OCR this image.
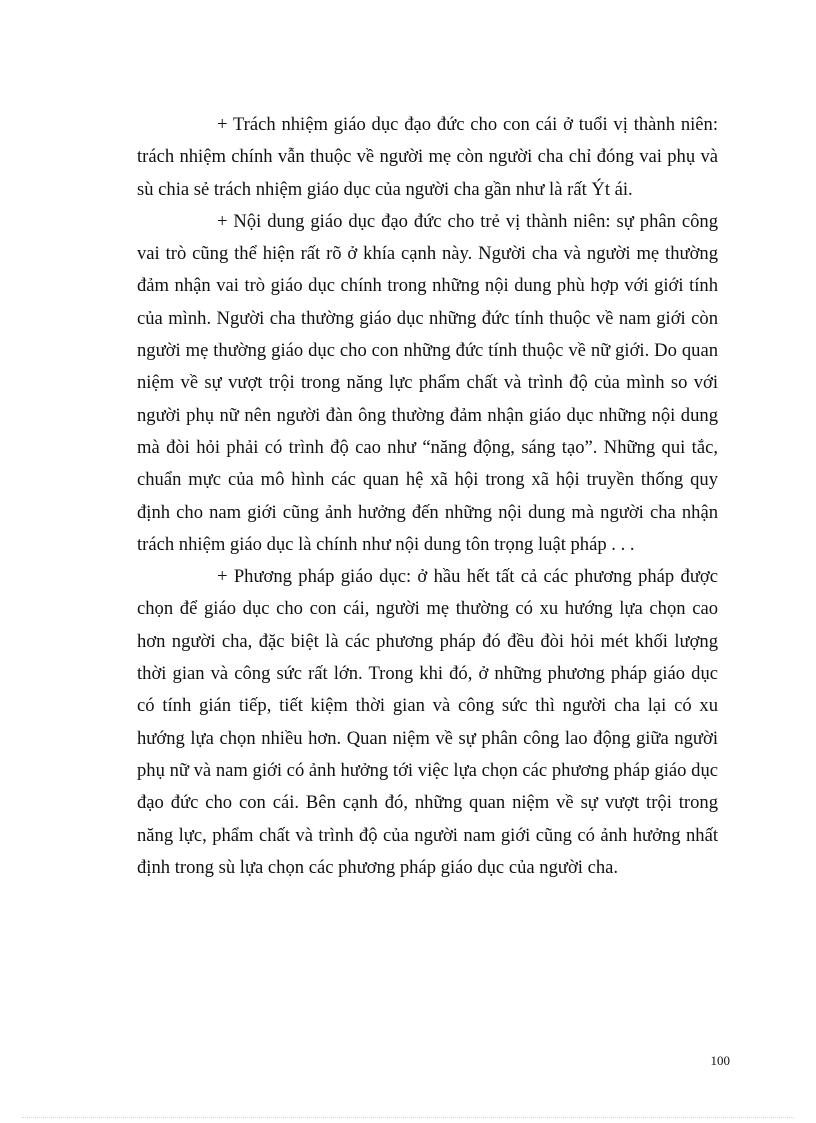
+ Trách nhiệm giáo dục đạo đức cho con cái ở tuổi vị thành niên: trách nhiệm chính vẫn thuộc về người mẹ còn người cha chỉ đóng vai phụ và sù chia sẻ trách nhiệm giáo dục của người cha gần như là rất Ýt ái.

+ Nội dung giáo dục đạo đức cho trẻ vị thành niên: sự phân công vai trò cũng thể hiện rất rõ ở khía cạnh này. Người cha và người mẹ thường đảm nhận vai trò giáo dục chính trong những nội dung phù hợp với giới tính của mình. Người cha thường giáo dục những đức tính thuộc về nam giới còn người mẹ thường giáo dục cho con những đức tính thuộc về nữ giới. Do quan niệm về sự vượt trội trong năng lực phẩm chất và trình độ của mình so với người phụ nữ nên người đàn ông thường đảm nhận giáo dục những nội dung mà đòi hỏi phải có trình độ cao như “năng động, sáng tạo”. Những qui tắc, chuẩn mực của mô hình các quan hệ xã hội trong xã hội truyền thống quy định cho nam giới cũng ảnh hưởng đến những nội dung mà người cha nhận trách nhiệm giáo dục là chính như nội dung tôn trọng luật pháp . . .

+ Phương pháp giáo dục: ở hầu hết tất cả các phương pháp được chọn để giáo dục cho con cái, người mẹ thường có xu hướng lựa chọn cao hơn người cha, đặc biệt là các phương pháp đó đều đòi hỏi mét khối lượng thời gian và công sức rất lớn. Trong khi đó, ở những phương pháp giáo dục có tính gián tiếp, tiết kiệm thời gian và công sức thì người cha lại có xu hướng lựa chọn nhiều hơn. Quan niệm về sự phân công lao động giữa người phụ nữ và nam giới có ảnh hưởng tới việc lựa chọn các phương pháp giáo dục đạo đức cho con cái. Bên cạnh đó, những quan niệm về sự vượt trội trong năng lực, phẩm chất và trình độ của người nam giới cũng có ảnh hưởng nhất định trong sù lựa chọn các phương pháp giáo dục của người cha.

100
